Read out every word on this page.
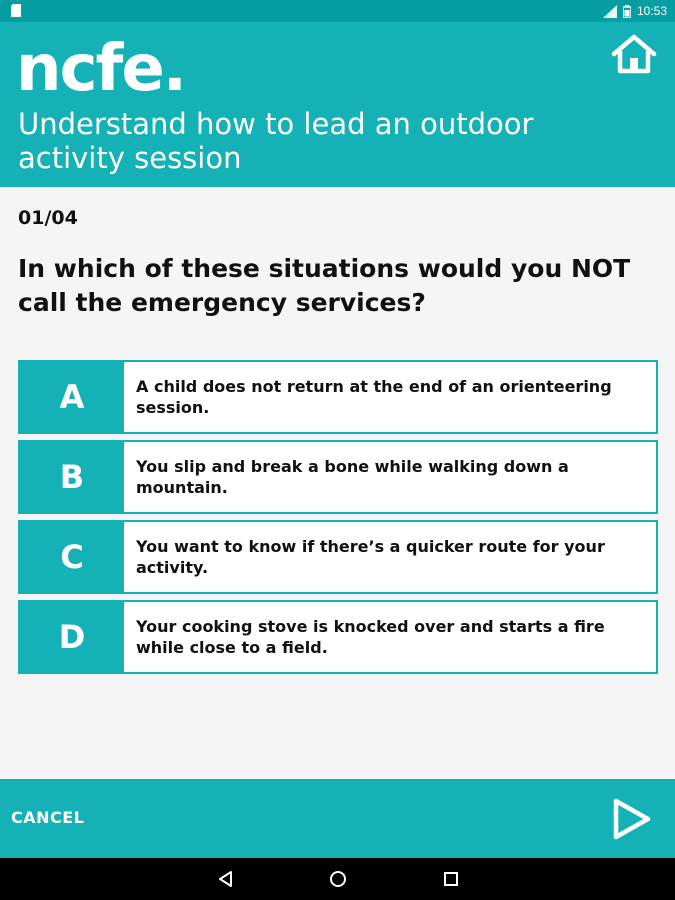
10:53
ncfe.
Understand how to lead an outdoor activity session
01/04
In which of these situations would you NOT call the emergency services?
A	A child does not return at the end of an orienteering session.
B	You slip and break a bone while walking down a mountain.
C	You want to know if there’s a quicker route for your activity.
D	Your cooking stove is knocked over and starts a fire while close to a field.
CANCEL
